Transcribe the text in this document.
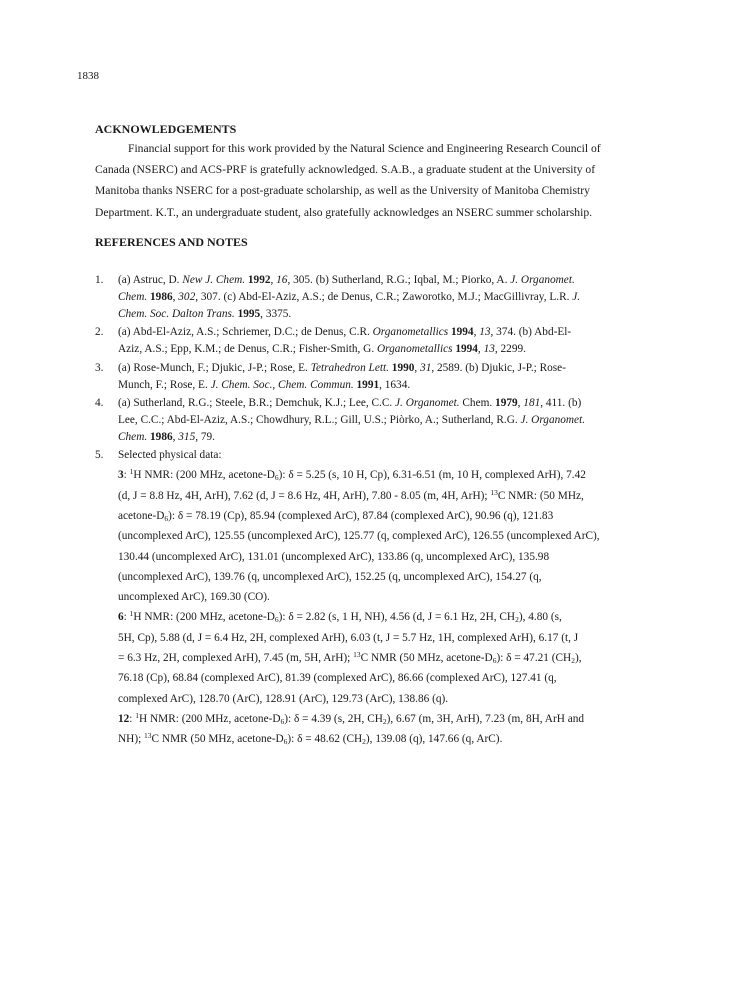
1838
ACKNOWLEDGEMENTS
Financial support for this work provided by the Natural Science and Engineering Research Council of
Canada (NSERC) and ACS-PRF is gratefully acknowledged. S.A.B., a graduate student at the University of
Manitoba thanks NSERC for a post-graduate scholarship, as well as the University of Manitoba Chemistry
Department. K.T., an undergraduate student, also gratefully acknowledges an NSERC summer scholarship.
REFERENCES AND NOTES
1. (a) Astruc, D. New J. Chem. 1992, 16, 305. (b) Sutherland, R.G.; Iqbal, M.; Piorko, A. J. Organomet.
Chem. 1986, 302, 307. (c) Abd-El-Aziz, A.S.; de Denus, C.R.; Zaworotko, M.J.; MacGillivray, L.R. J.
Chem. Soc. Dalton Trans. 1995, 3375.
2. (a) Abd-El-Aziz, A.S.; Schriemer, D.C.; de Denus, C.R. Organometallics 1994, 13, 374. (b) Abd-El-
Aziz, A.S.; Epp, K.M.; de Denus, C.R.; Fisher-Smith, G. Organometallics 1994, 13, 2299.
3. (a) Rose-Munch, F.; Djukic, J-P.; Rose, E. Tetrahedron Lett. 1990, 31, 2589. (b) Djukic, J-P.; Rose-
Munch, F.; Rose, E. J. Chem. Soc., Chem. Commun. 1991, 1634.
4. (a) Sutherland, R.G.; Steele, B.R.; Demchuk, K.J.; Lee, C.C. J. Organomet. Chem. 1979, 181, 411. (b)
Lee, C.C.; Abd-El-Aziz, A.S.; Chowdhury, R.L.; Gill, U.S.; Piòrko, A.; Sutherland, R.G. J. Organomet.
Chem. 1986, 315, 79.
5. Selected physical data:
3: $^1$H NMR: (200 MHz, acetone-$D_6$): δ = 5.25 (s, 10 H, Cp), 6.31-6.51 (m, 10 H, complexed ArH), 7.42
(d, J = 8.8 Hz, 4H, ArH), 7.62 (d, J = 8.6 Hz, 4H, ArH), 7.80 - 8.05 (m, 4H, ArH); $^{13}$C NMR: (50 MHz,
acetone-$D_6$): δ = 78.19 (Cp), 85.94 (complexed ArC), 87.84 (complexed ArC), 90.96 (q), 121.83
(uncomplexed ArC), 125.55 (uncomplexed ArC), 125.77 (q, complexed ArC), 126.55 (uncomplexed ArC),
130.44 (uncomplexed ArC), 131.01 (uncomplexed ArC), 133.86 (q, uncomplexed ArC), 135.98
(uncomplexed ArC), 139.76 (q, uncomplexed ArC), 152.25 (q, uncomplexed ArC), 154.27 (q,
uncomplexed ArC), 169.30 (CO).
6: $^1$H NMR: (200 MHz, acetone-$D_6$): δ = 2.82 (s, 1 H, NH), 4.56 (d, J = 6.1 Hz, 2H, $CH_2$), 4.80 (s,
5H, Cp), 5.88 (d, J = 6.4 Hz, 2H, complexed ArH), 6.03 (t, J = 5.7 Hz, 1H, complexed ArH), 6.17 (t, J
= 6.3 Hz, 2H, complexed ArH), 7.45 (m, 5H, ArH); $^{13}$C NMR (50 MHz, acetone-$D_6$): δ = 47.21 $(CH_2)$,
76.18 (Cp), 68.84 (complexed ArC), 81.39 (complexed ArC), 86.66 (complexed ArC), 127.41 (q,
complexed ArC), 128.70 (ArC), 128.91 (ArC), 129.73 (ArC), 138.86 (q).
12: $^1$H NMR: (200 MHz, acetone-$D_6$): δ = 4.39 (s, 2H, $CH_2$), 6.67 (m, 3H, ArH), 7.23 (m, 8H, ArH and
NH); $^{13}$C NMR (50 MHz, acetone-$D_6$): δ = 48.62 $(CH_2)$, 139.08 (q), 147.66 (q, ArC).
